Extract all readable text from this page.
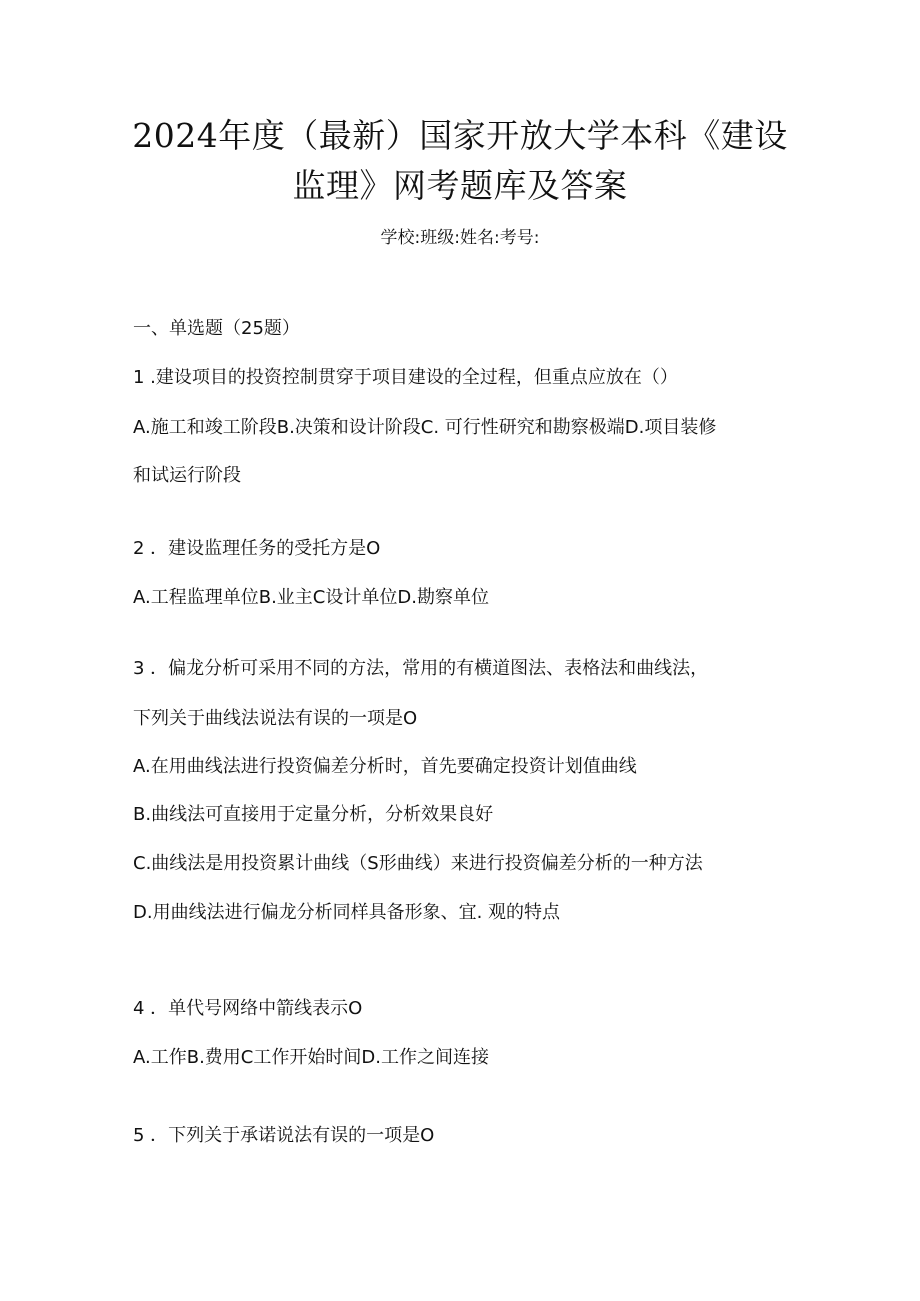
2024年度（最新）国家开放大学本科《建设
监理》网考题库及答案
学校:班级:姓名:考号:
一、单选题（25题）
1 .建设项目的投资控制贯穿于项目建设的全过程，但重点应放在（）
A.施工和竣工阶段B.决策和设计阶段C. 可行性研究和勘察极端D.项目装修
和试运行阶段
2 ．建设监理任务的受托方是O
A.工程监理单位B.业主C设计单位D.勘察单位
3 ．偏龙分析可采用不同的方法，常用的有横道图法、表格法和曲线法，
下列关于曲线法说法有误的一项是O
A.在用曲线法进行投资偏差分析时，首先要确定投资计划值曲线
B.曲线法可直接用于定量分析，分析效果良好
C.曲线法是用投资累计曲线（S形曲线）来进行投资偏差分析的一种方法
D.用曲线法进行偏龙分析同样具备形象、宜. 观的特点
4 ．单代号网络中箭线表示O
A.工作B.费用C工作开始时间D.工作之间连接
5 ．下列关于承诺说法有误的一项是O
